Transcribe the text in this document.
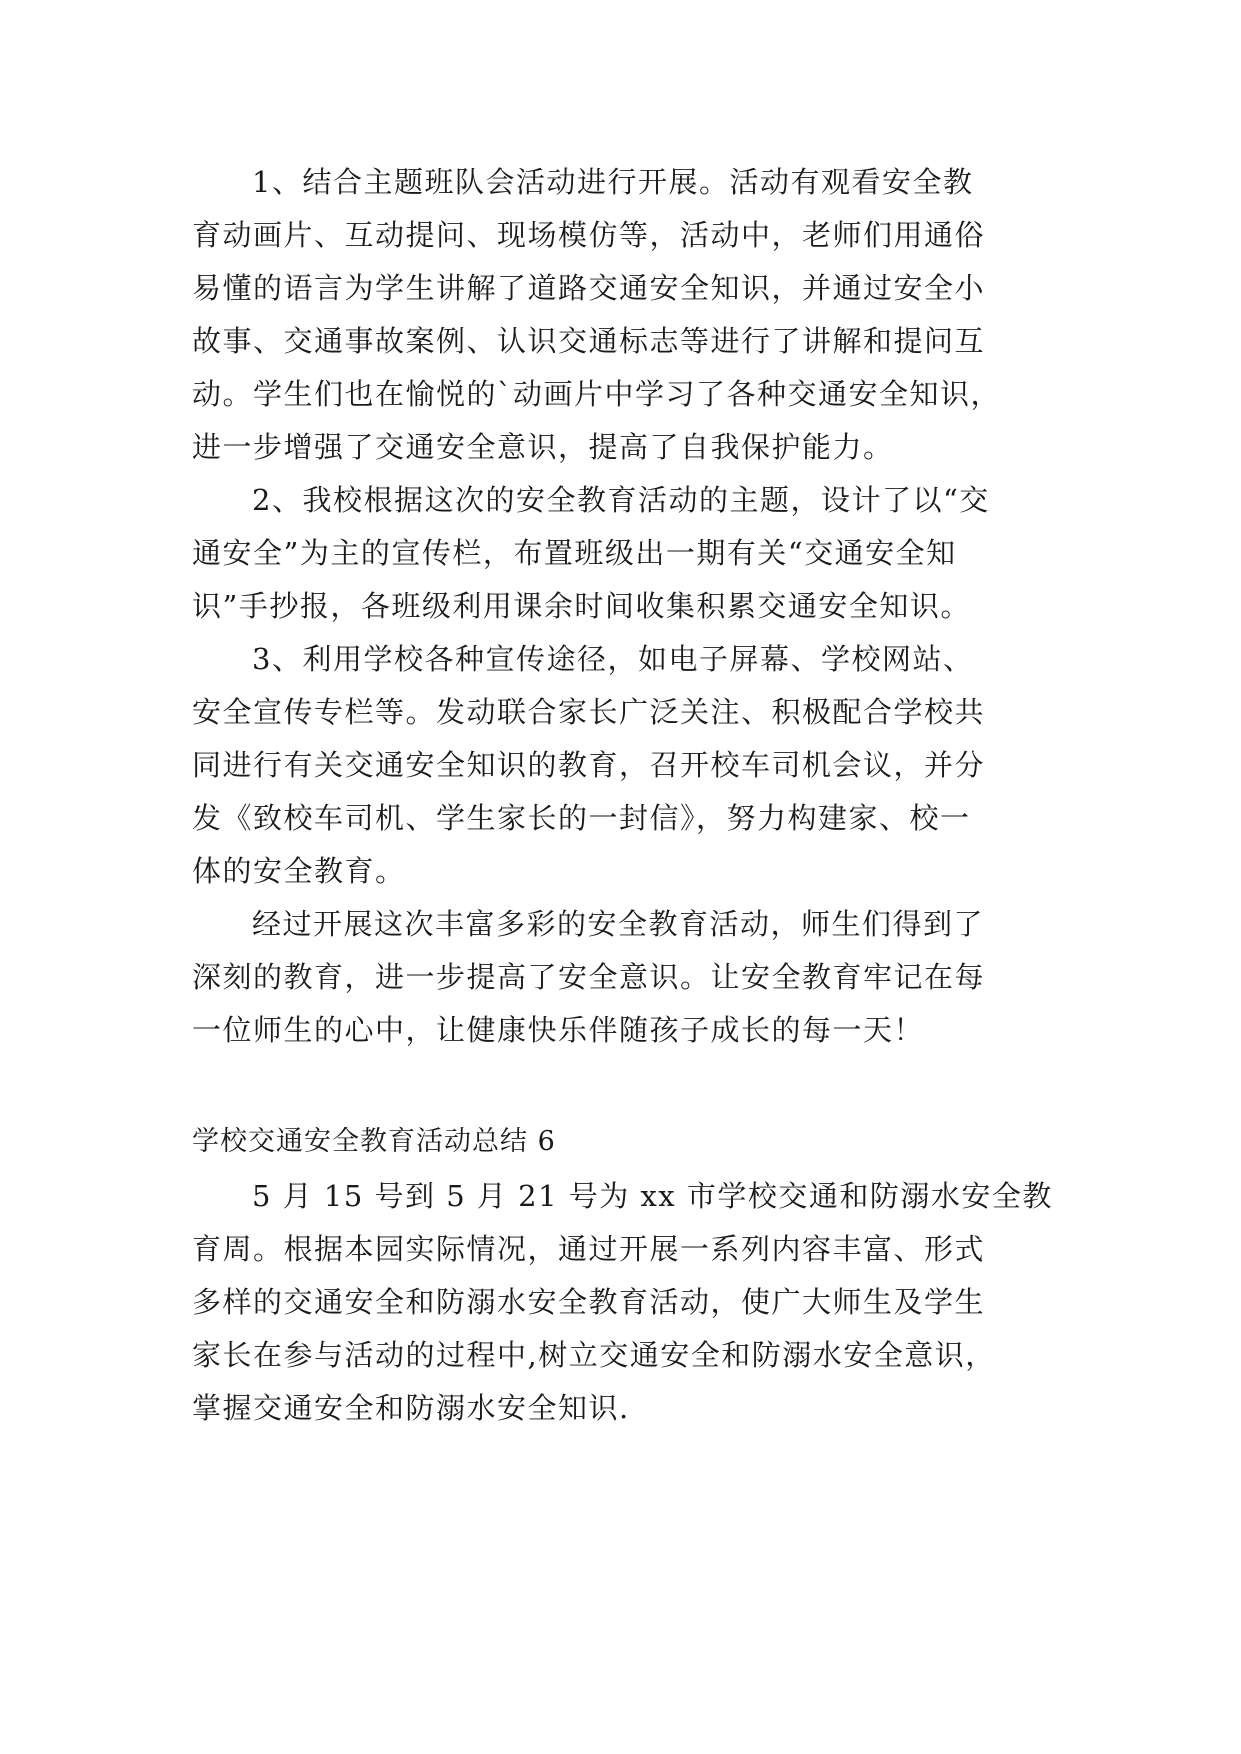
1、结合主题班队会活动进行开展。活动有观看安全教
育动画片、互动提问、现场模仿等，活动中，老师们用通俗
易懂的语言为学生讲解了道路交通安全知识，并通过安全小
故事、交通事故案例、认识交通标志等进行了讲解和提问互
动。学生们也在愉悦的`动画片中学习了各种交通安全知识，
进一步增强了交通安全意识，提高了自我保护能力。
2、我校根据这次的安全教育活动的主题，设计了以“交
通安全”为主的宣传栏，布置班级出一期有关“交通安全知
识”手抄报，各班级利用课余时间收集积累交通安全知识。
3、利用学校各种宣传途径，如电子屏幕、学校网站、
安全宣传专栏等。发动联合家长广泛关注、积极配合学校共
同进行有关交通安全知识的教育，召开校车司机会议，并分
发《致校车司机、学生家长的一封信》，努力构建家、校一
体的安全教育。
经过开展这次丰富多彩的安全教育活动，师生们得到了
深刻的教育，进一步提高了安全意识。让安全教育牢记在每
一位师生的心中，让健康快乐伴随孩子成长的每一天！
学校交通安全教育活动总结 6
5 月 15 号到 5 月 21 号为 xx 市学校交通和防溺水安全教
育周。根据本园实际情况，通过开展一系列内容丰富、形式
多样的交通安全和防溺水安全教育活动，使广大师生及学生
家长在参与活动的过程中,树立交通安全和防溺水安全意识，
掌握交通安全和防溺水安全知识.
